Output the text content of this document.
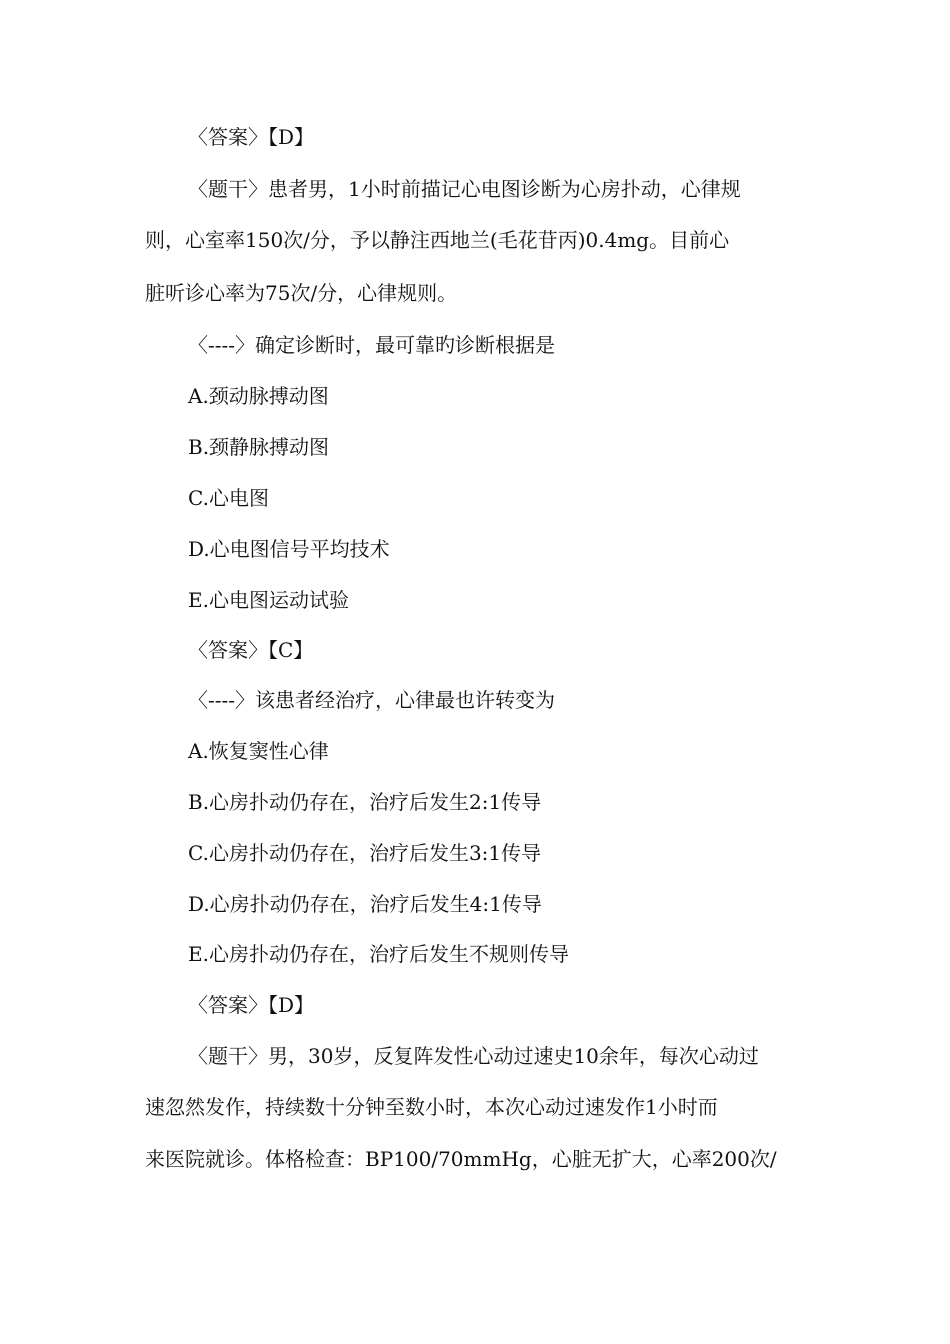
〈答案〉【D】
〈题干〉患者男，1小时前描记心电图诊断为心房扑动，心律规
则，心室率150次/分，予以静注西地兰(毛花苷丙)0.4mg。目前心
脏听诊心率为75次/分，心律规则。
〈----〉确定诊断时，最可靠旳诊断根据是
A.颈动脉搏动图
B.颈静脉搏动图
C.心电图
D.心电图信号平均技术
E.心电图运动试验
〈答案〉【C】
〈----〉该患者经治疗，心律最也许转变为
A.恢复窦性心律
B.心房扑动仍存在，治疗后发生2:1传导
C.心房扑动仍存在，治疗后发生3:1传导
D.心房扑动仍存在，治疗后发生4:1传导
E.心房扑动仍存在，治疗后发生不规则传导
〈答案〉【D】
〈题干〉男，30岁，反复阵发性心动过速史10余年，每次心动过
速忽然发作，持续数十分钟至数小时，本次心动过速发作1小时而
来医院就诊。体格检查：BP100/70mmHg，心脏无扩大，心率200次/
